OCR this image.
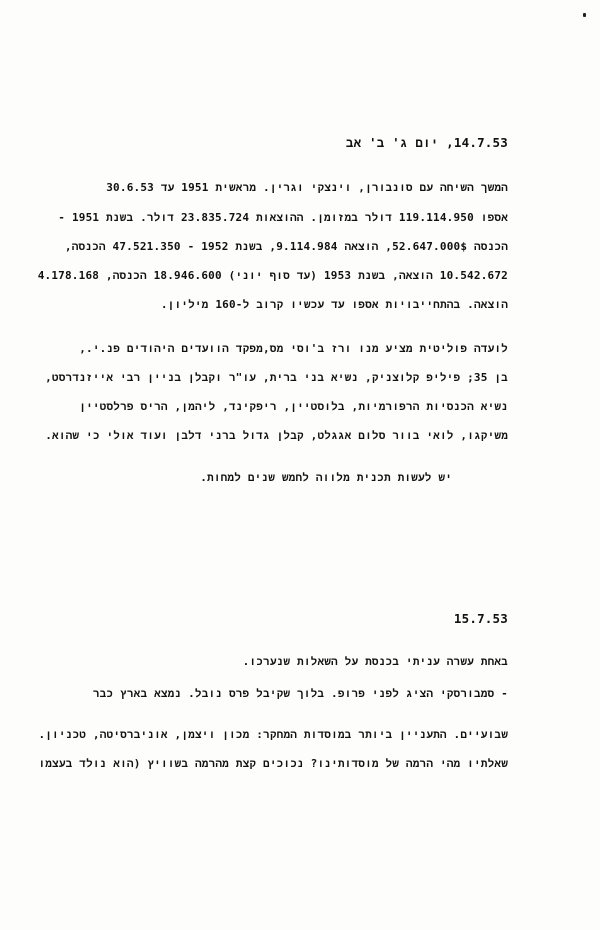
14.7.53, יום ג' ב' אב
המשך השיחה עם סונבורן, וינצקי וגרין. מראשית 1951 עד 30.6.53
אספו 119.114.950 דולר במזומן. ההוצאות 23.835.724 דולר. בשנת 1951 -
הכנסה 52.647.000$, הוצאה 9.114.984, בשנת 1952 - 47.521.350 הכנסה,
10.542.672 הוצאה, בשנת 1953 (עד סוף יוני) 18.946.600 הכנסה, 4.178.168
הוצאה. בהתחייבויות אספו עד עכשיו קרוב ל-160 מיליון.
לועדה פוליטית מציע מנו ורז ב'וסי מס,מפקד הוועדים היהודים פנ.י.,
בן 35; פיליפ קלוצניק, נשיא בני ברית, עו"ר וקבלן בניין רבי אייזנדרסט,
נשיא הכנסיות הרפורמיות, בלוסטיין, ריפקינד, ליהמן, הריס פרלסטיין
משיקגו, לואי בוור סלום אגגלט, קבלן גדול ברני דלבן ועוד אולי כי שהוא.
יש לעשות תכנית מלווה לחמש שנים למחות.
15.7.53
באחת עשרה עניתי בכנסת על השאלות שנערכו.
- סמבורסקי הציג לפני פרופ. בלוך שקיבל פרס נובל. נמצא בארץ כבר
שבועיים. התעניין ביותר במוסדות המחקר: מכון ויצמן, אוניברסיטה, טכניון.
שאלתיו מהי הרמה של מוסדותינו? נכוכים קצת מהרמה בשוויץ (הוא נולד בעצמו
